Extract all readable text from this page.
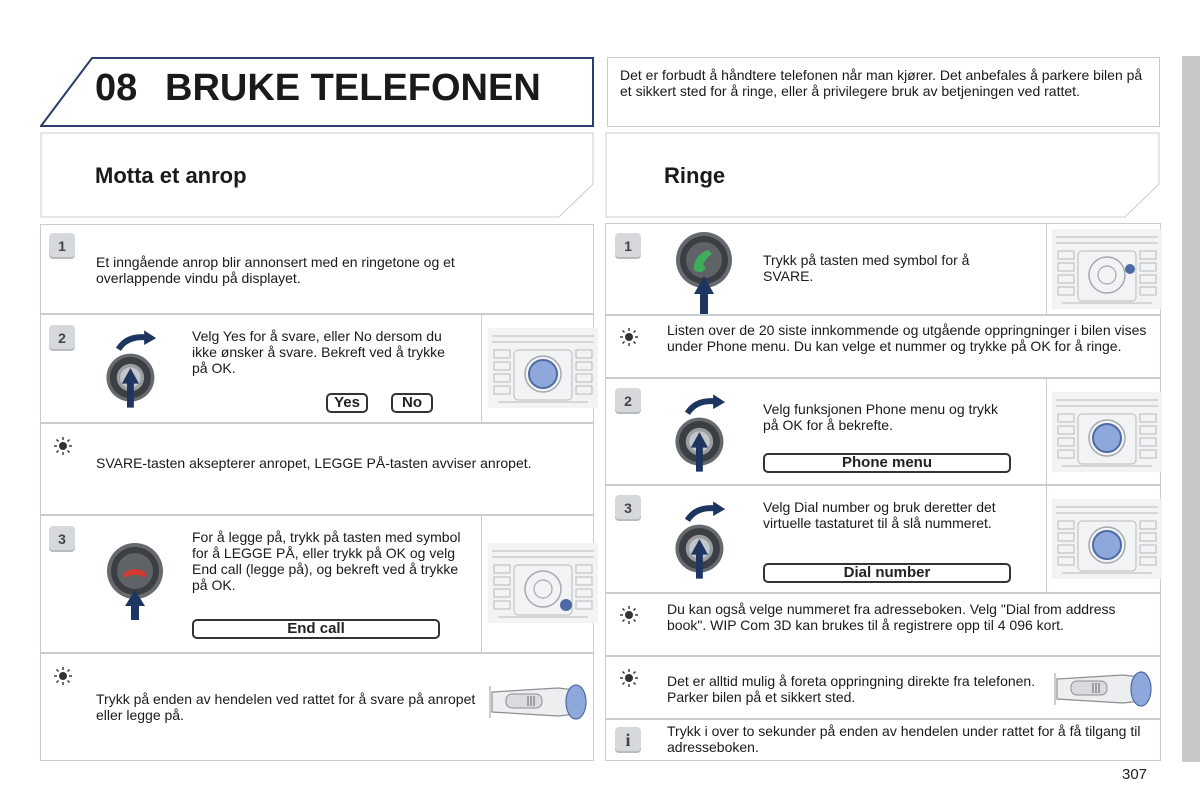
08 BRUKE TELEFONEN	Det er forbudt å håndtere telefonen når man kjører. Det anbefales å parkere bilen på et sikkert sted for å ringe, eller å privilegere bruk av betjeningen ved rattet.
Motta et anrop
1
Et inngående anrop blir annonsert med en ringetone og et overlappende vindu på displayet.
2	Velg Yes for å svare, eller No dersom du ikke ønsker å svare. Bekreft ved å trykke på OK.
Yes	No
SVARE-tasten aksepterer anropet, LEGGE PÅ-tasten avviser anropet.
3	For å legge på, trykk på tasten med symbol for å LEGGE PÅ, eller trykk på OK og velg End call (legge på), og bekreft ved å trykke på OK.
End call
Trykk på enden av hendelen ved rattet for å svare på anropet eller legge på.
Ringe
1
Trykk på tasten med symbol for å SVARE.
Listen over de 20 siste innkommende og utgående oppringninger i bilen vises under Phone menu. Du kan velge et nummer og trykke på OK for å ringe.
2	Velg funksjonen Phone menu og trykk på OK for å bekrefte.
Phone menu
3	Velg Dial number og bruk deretter det virtuelle tastaturet til å slå nummeret.
Dial number
Du kan også velge nummeret fra adresseboken. Velg "Dial from address book". WIP Com 3D kan brukes til å registrere opp til 4 096 kort.
Det er alltid mulig å foreta oppringning direkte fra telefonen. Parker bilen på et sikkert sted.
i	Trykk i over to sekunder på enden av hendelen under rattet for å få tilgang til adresseboken.
307
